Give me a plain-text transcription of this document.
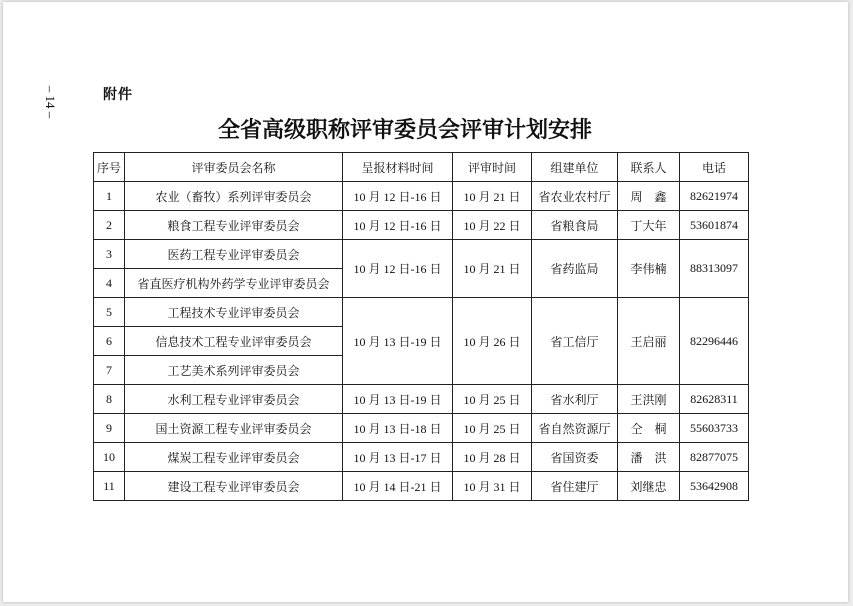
– 14 –	附件
全省高级职称评审委员会评审计划安排
序号	评审委员会名称	呈报材料时间	评审时间	组建单位	联系人	电话
1	农业（畜牧）系列评审委员会	10 月 12 日-16 日	10 月 21 日	省农业农村厅	周　鑫	82621974
2	粮食工程专业评审委员会	10 月 12 日-16 日	10 月 22 日	省粮食局	丁大年	53601874
3	医药工程专业评审委员会	10 月 12 日-16 日	10 月 21 日	省药监局	李伟楠	88313097
4	省直医疗机构外药学专业评审委员会					
5	工程技术专业评审委员会	10 月 13 日-19 日	10 月 26 日	省工信厅	王启丽	82296446
6	信息技术工程专业评审委员会					
7	工艺美术系列评审委员会					
8	水利工程专业评审委员会	10 月 13 日-19 日	10 月 25 日	省水利厅	王洪刚	82628311
9	国土资源工程专业评审委员会	10 月 13 日-18 日	10 月 25 日	省自然资源厅	仝　桐	55603733
10	煤炭工程专业评审委员会	10 月 13 日-17 日	10 月 28 日	省国资委	潘　洪	82877075
11	建设工程专业评审委员会	10 月 14 日-21 日	10 月 31 日	省住建厅	刘继忠	53642908
